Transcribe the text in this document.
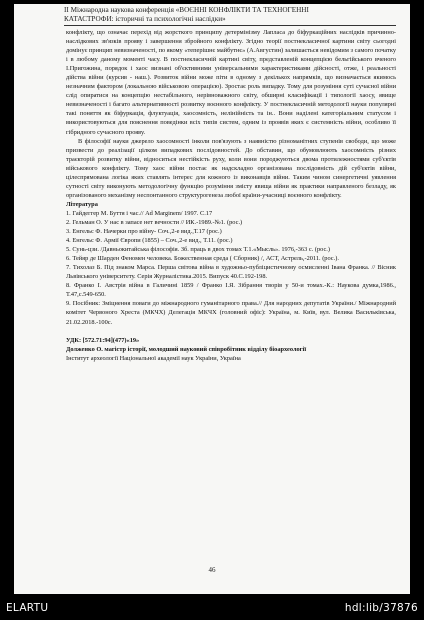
ІІ Міжнародна наукова конференція «ВОЄННІ КОНФЛІКТИ ТА ТЕХНОГЕННІ
КАТАСТРОФИ: історичні та психологічні наслідки»

конфлікту, що означає перехід від жорсткого принципу детермінізму Лапласа до біфуркаційних наслідків причинно-наслідкових зв'язків прояву і завершення збройного конфлікту. Згідно теорії постнекласичної картини світу сьогодні домінує принцип невизначеності, по якому «теперішнє майбутнє» (А.Августин) залишається невідомим з самого початку і в любому даному моменті часу. В постнекласичній картині світу, представленій концепцією бельгійського вченого І.Пригожина, порядок і хаос визнані об'єктивними універсальними характеристиками дійсності, отже, і реальності дійства війни (курсив - наш.). Розвиток війни може піти в одному з декількох напрямків, що визначається якимось незначним фактором (локальною військовою операцією). Зростає роль випадку. Тому для розуміння суті сучасної війни слід опиратися на концепцію нестабільного, нерівноважного світу, обширні класифікації і типології хаосу, явище невизначеності і багато альтернативності розвитку воєнного конфлікту. У постнекласичній методології науки популярні такі поняття як біфуркація, флуктуація, хаосомність, нелінійність та ін.. Вони наділені категоріальним статусом і використовуються для пояснення поведінки всіх типів систем, одним із проявів яких є системність війни, особливо її гібридного сучасного прояву.

В філософії науки джерело хаосомності інколи пов'язують з наявністю різноманітних ступенів свободи, що може призвести до реалізації цілком випадкових послідовностей. До обставин, що обумовлюють хаосомність різних траєкторій розвитку війни, відноситься нестійкість руху, коли вони породжуються двома протилежностями суб'єктів військового конфлікту. Тому хаос війни постає як надскладно організована послідовність дій суб'єктів війни, цілеспрямована логіка яких ставлять інтерес для кожного із виконавців війни. Таким чином синергетичні уявлення сутності світу виконують методологічну функцію розуміння змісту явища війни як практики направленого безладу, як організованого механізму неспонтанного структурогенеза любої країни-учасниці воєнного конфлікту.

Література

1. Гайдеггер М. Буття і час.// Ad Marginem/ 1997. С.17
2. Гельман О. У нас в запасе нет вечности // ИК.-1989.-№1. (рос.)
3. Енгельс Ф. Начерки про війну- Соч.,2-е вид.,Т.17 (рос.)
4. Енгельс Ф. Армії Європи (1855) – Соч.,2-е вид., Т.11. (рос.)
5. Сунь-цзи. /Давньокитайська філософія. Зб. праць в двох томах Т.1.«Мысль». 1976,-363 с. (рос.)
6. Тейяр де Шарден Феномен человека. Божественная среда ( Сборник) /, АСТ, Астрель,-2011. (рос.).
7. Тихолаз Б. Під знаком Марса. Перша світова війна в художньо-публіцистичному осмисленні Івана Франка. // Вісник Львівського університету. Серія Журналістика.2015. Випуск 40.С.192-198.
8. Франко І. Австрія війна в Галичині 1859 / Франко І.Я. Зібрання творів у 50-и томах.-К.: Наукова думка,1986., Т.47,с.549-650.
9. Посібник: Зміцнення поваги до міжнародного гуманітарного права.// Для народних депутатів України./ Міжнародний комітет Червоного Хреста (МКЧХ) Делегація МКЧХ (головний офіс): Україна, м. Київ, вул. Велика Васильківська, 21.02.2018.-100с.

УДК: [572.71:94](477)«19»

Долженко О. магістр історії, молодший науковий співробітник відділу біоархеології

Інститут археології Національної академії наук України, Україна

46
ELARTU	hdl:lib/37876
